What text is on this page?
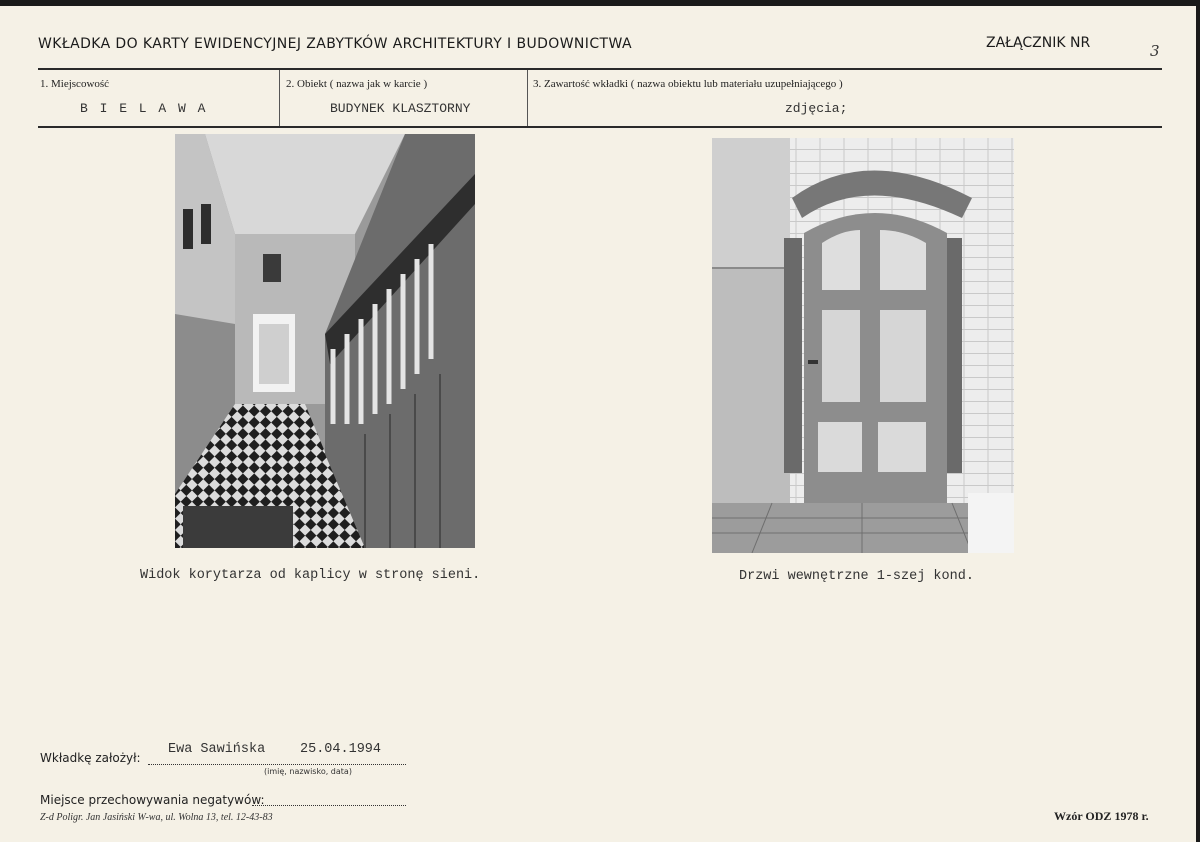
WKŁADKA DO KARTY EWIDENCYJNEJ ZABYTKÓW ARCHITEKTURY I BUDOWNICTWA	ZAŁĄCZNIK NR	3
1. Miejscowość
B I E L A W A
2. Obiekt ( nazwa jak w karcie )
BUDYNEK KLASZTORNY
3. Zawartość wkładki ( nazwa obiektu lub materiału uzupełniającego )
zdjęcia;
Widok korytarza od kaplicy w stronę sieni.	Drzwi wewnętrzne 1-szej kond.
Wkładkę założył:
Ewa Sawińska	25.04.1994
(imię, nazwisko, data)
Miejsce przechowywania negatywów:
Z-d Poligr. Jan Jasiński W-wa, ul. Wolna 13, tel. 12-43-83	Wzór ODZ 1978 r.
